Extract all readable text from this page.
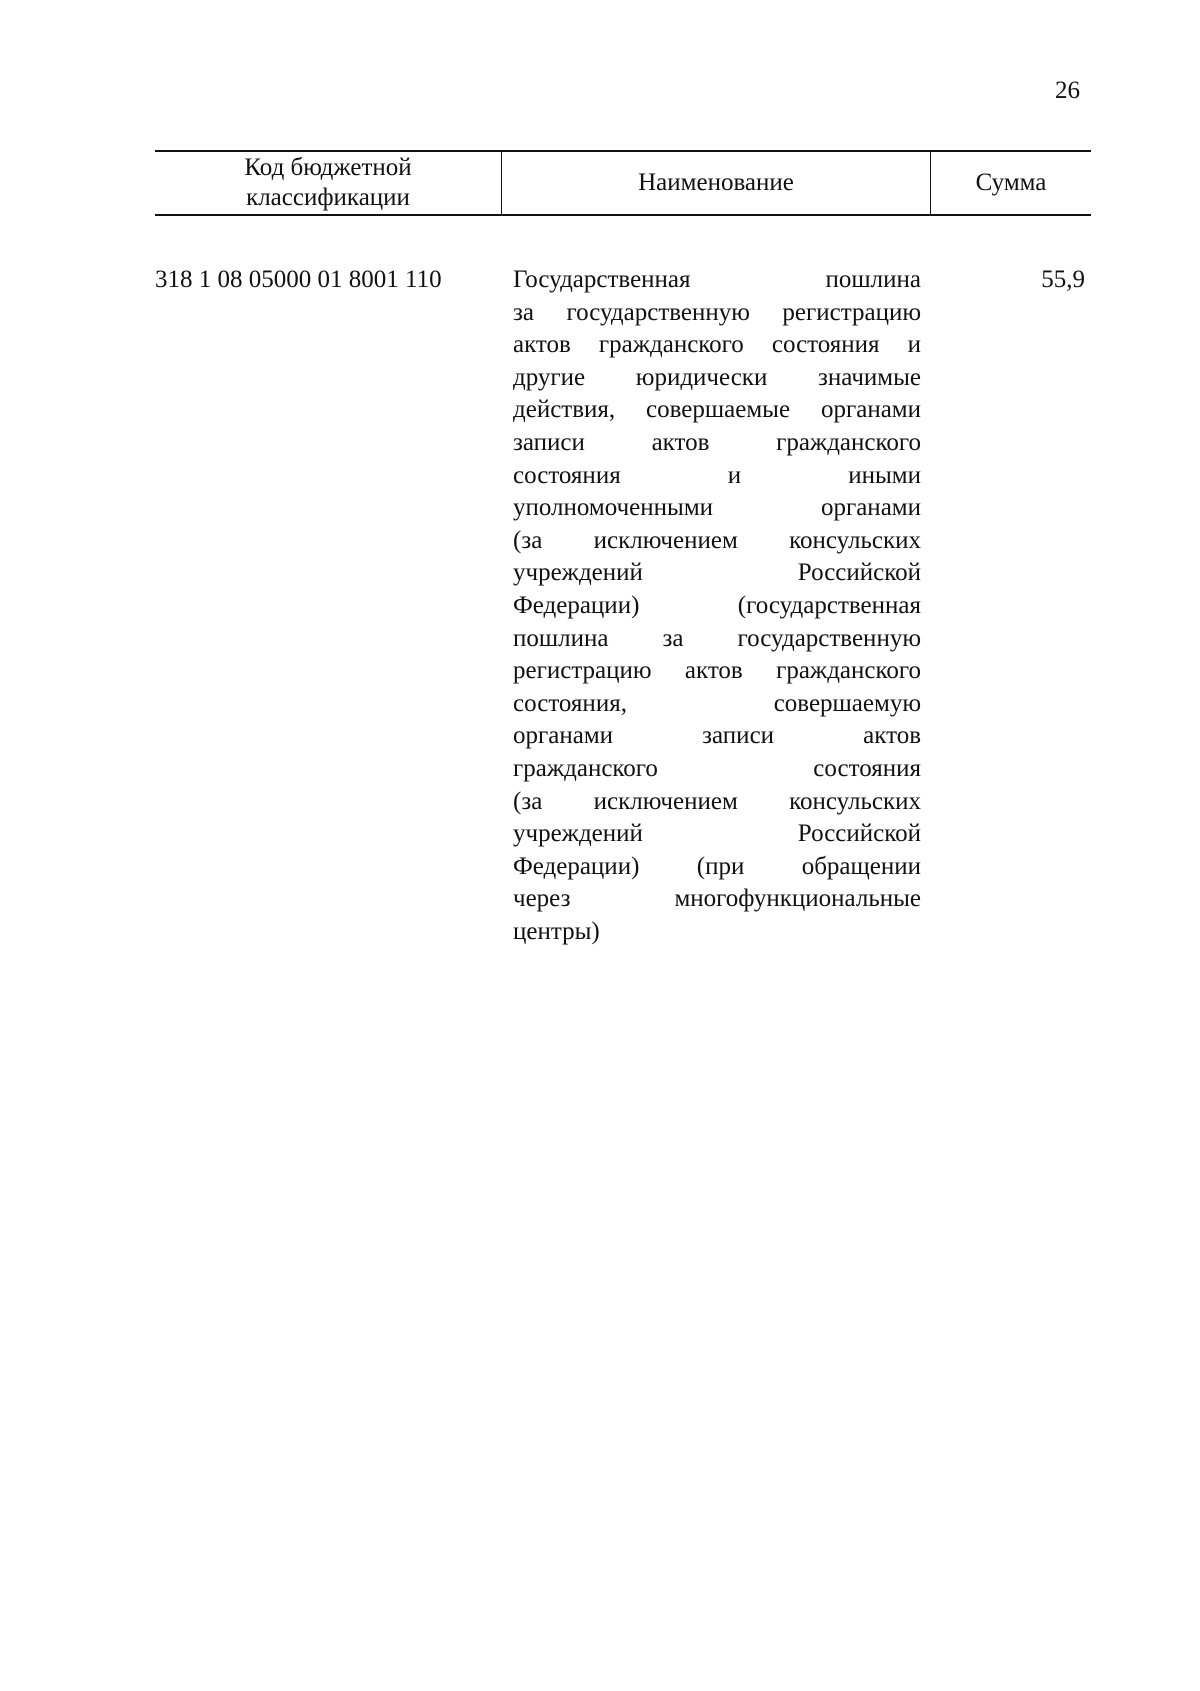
26
Код бюджетной
классификации
Наименование	Сумма
318 1 08 05000 01 8001 110	Государственная пошлина
за государственную регистрацию
актов гражданского состояния и
другие юридически значимые
действия, совершаемые органами
записи актов гражданского
состояния и иными
уполномоченными органами
(за исключением консульских
учреждений Российской
Федерации) (государственная
пошлина за государственную
регистрацию актов гражданского
состояния, совершаемую
органами записи актов
гражданского состояния
(за исключением консульских
учреждений Российской
Федерации) (при обращении
через многофункциональные
центры)
55,9
